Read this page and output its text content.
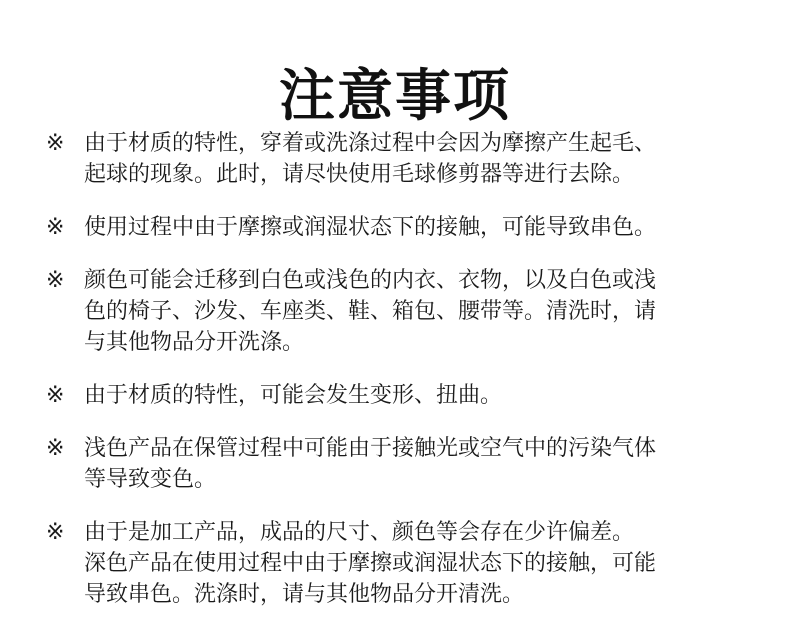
注意事项
※ 由于材质的特性，穿着或洗涤过程中会因为摩擦产生起毛、
起球的现象。此时，请尽快使用毛球修剪器等进行去除。
※ 使用过程中由于摩擦或润湿状态下的接触，可能导致串色。
※ 颜色可能会迁移到白色或浅色的内衣、衣物，以及白色或浅
色的椅子、沙发、车座类、鞋、箱包、腰带等。清洗时，请
与其他物品分开洗涤。
※ 由于材质的特性，可能会发生变形、扭曲。
※ 浅色产品在保管过程中可能由于接触光或空气中的污染气体
等导致变色。
※ 由于是加工产品，成品的尺寸、颜色等会存在少许偏差。
深色产品在使用过程中由于摩擦或润湿状态下的接触，可能
导致串色。洗涤时，请与其他物品分开清洗。
